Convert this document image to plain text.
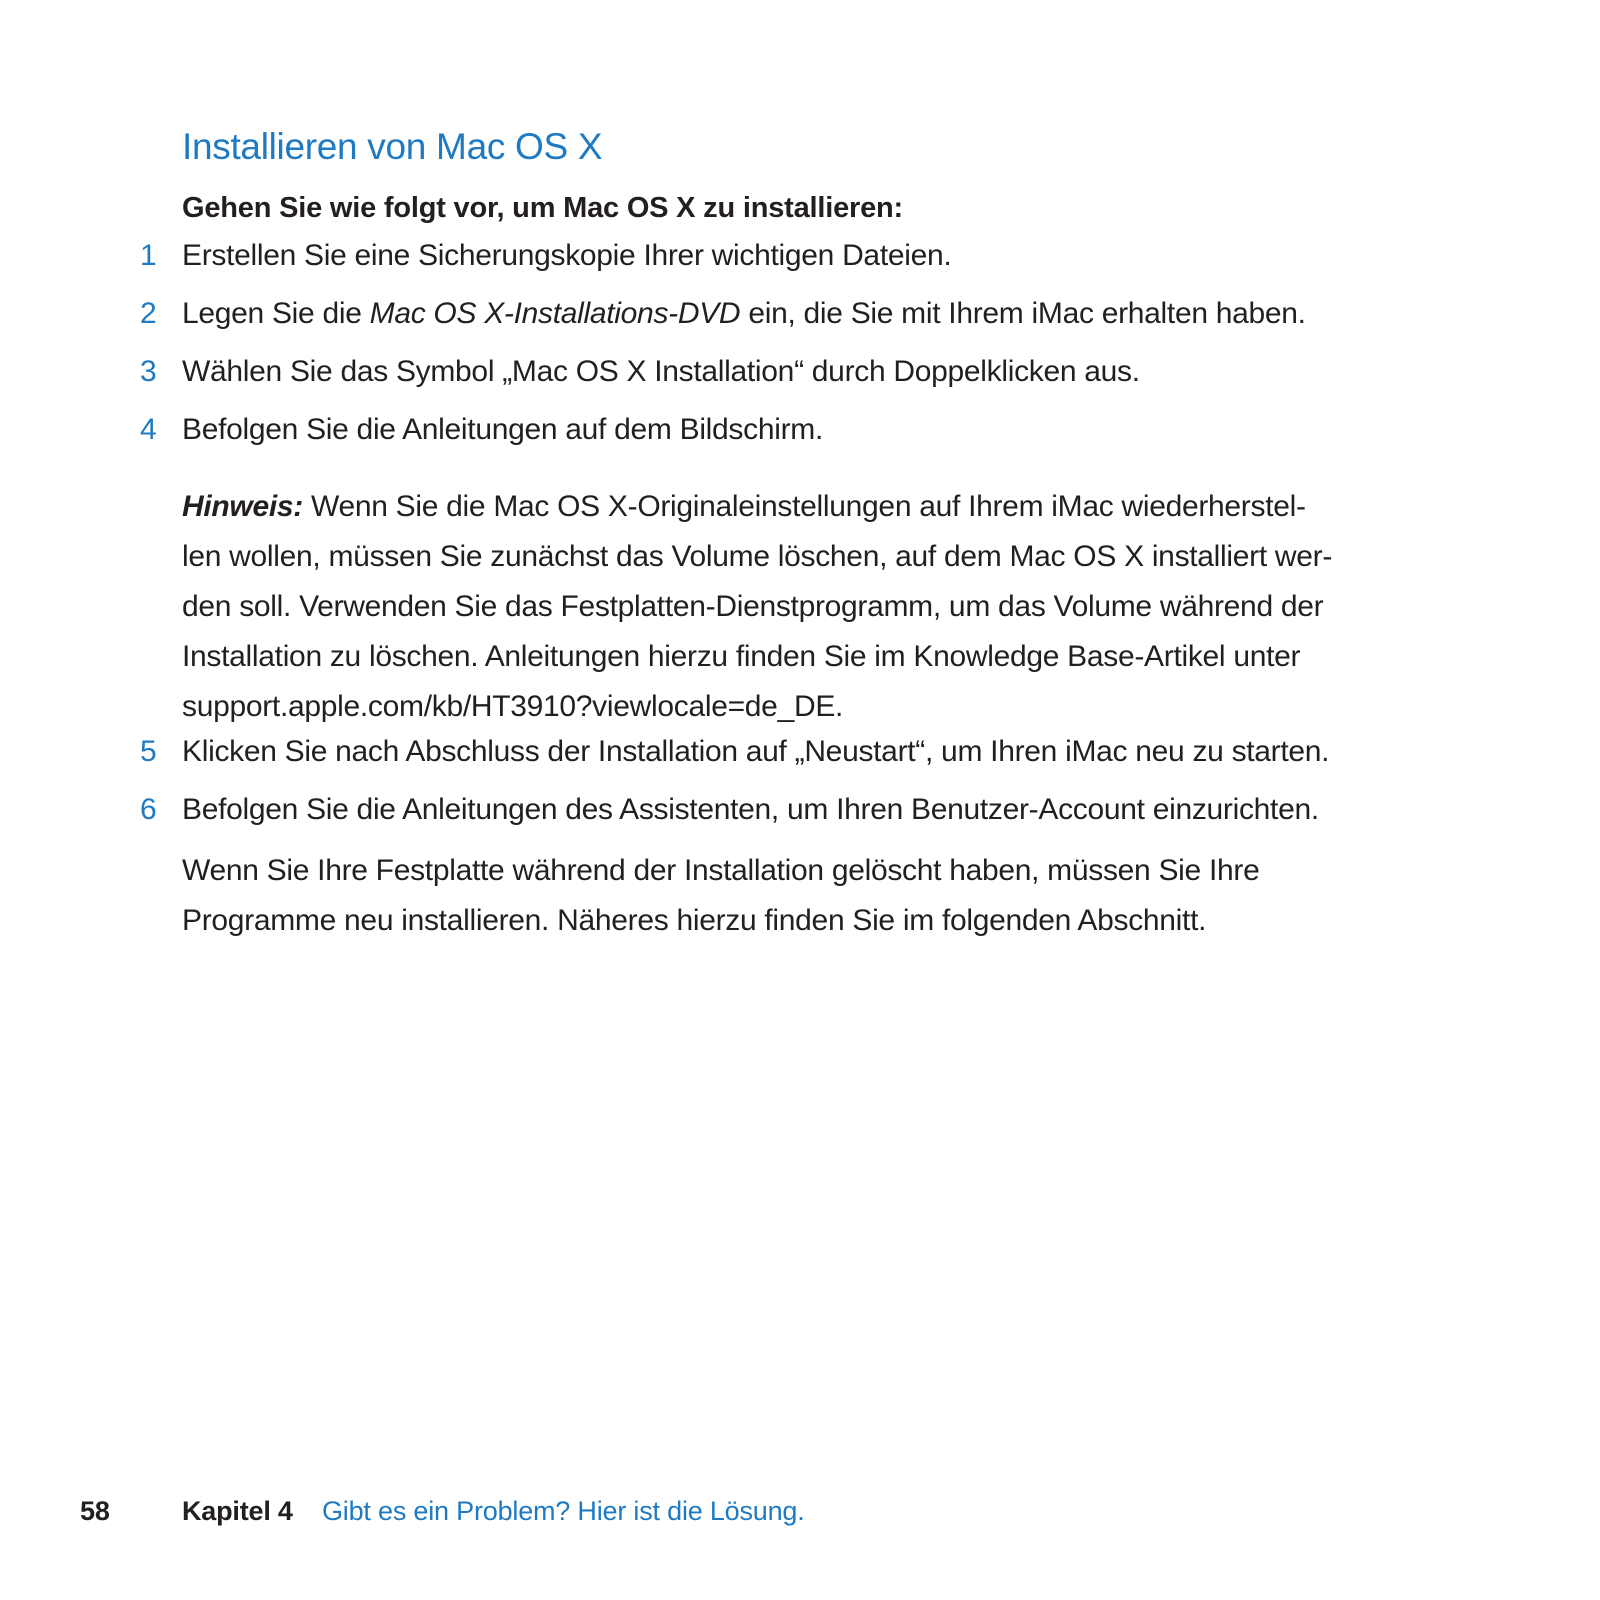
Installieren von Mac OS X

Gehen Sie wie folgt vor, um Mac OS X zu installieren:

1 Erstellen Sie eine Sicherungskopie Ihrer wichtigen Dateien.
2 Legen Sie die Mac OS X-Installations-DVD ein, die Sie mit Ihrem iMac erhalten haben.
3 Wählen Sie das Symbol „Mac OS X Installation“ durch Doppelklicken aus.
4 Befolgen Sie die Anleitungen auf dem Bildschirm.
Hinweis: Wenn Sie die Mac OS X-Originaleinstellungen auf Ihrem iMac wiederherstel-
len wollen, müssen Sie zunächst das Volume löschen, auf dem Mac OS X installiert wer-
den soll. Verwenden Sie das Festplatten-Dienstprogramm, um das Volume während der
Installation zu löschen. Anleitungen hierzu finden Sie im Knowledge Base-Artikel unter
support.apple.com/kb/HT3910?viewlocale=de_DE.
5 Klicken Sie nach Abschluss der Installation auf „Neustart“, um Ihren iMac neu zu starten.
6 Befolgen Sie die Anleitungen des Assistenten, um Ihren Benutzer-Account einzurichten.
Wenn Sie Ihre Festplatte während der Installation gelöscht haben, müssen Sie Ihre
Programme neu installieren. Näheres hierzu finden Sie im folgenden Abschnitt.
58	Kapitel 4 Gibt es ein Problem? Hier ist die Lösung.
